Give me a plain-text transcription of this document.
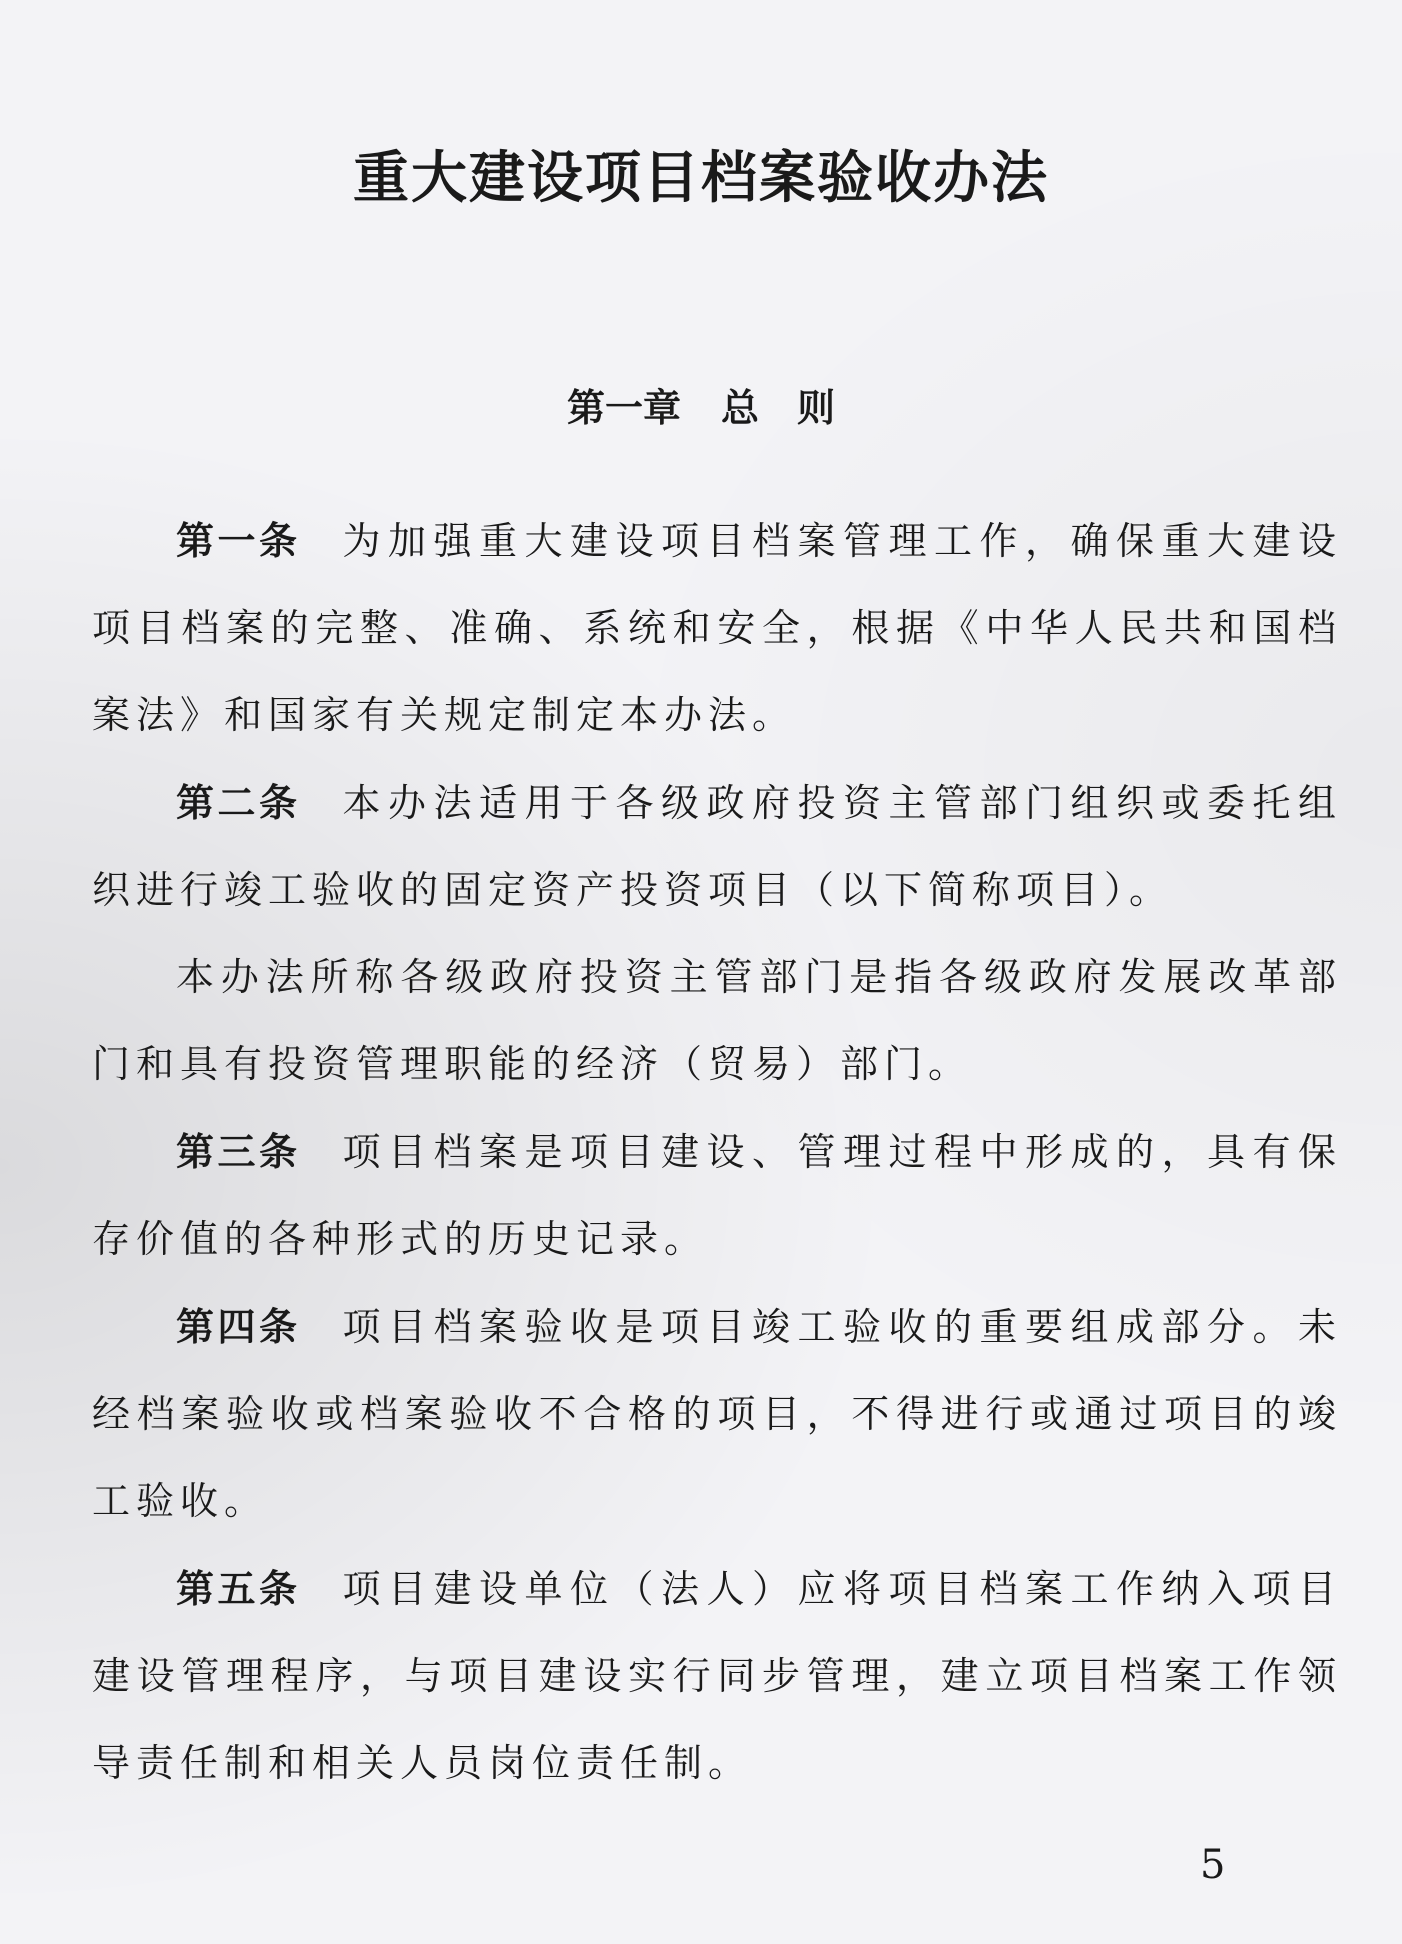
重大建设项目档案验收办法
第一章 总　则

第一条 为加强重大建设项目档案管理工作，确保重大建设项目档案的完整、准确、系统和安全，根据《中华人民共和国档案法》和国家有关规定制定本办法。

第二条 本办法适用于各级政府投资主管部门组织或委托组织进行竣工验收的固定资产投资项目（以下简称项目）。

本办法所称各级政府投资主管部门是指各级政府发展改革部门和具有投资管理职能的经济（贸易）部门。

第三条 项目档案是项目建设、管理过程中形成的，具有保存价值的各种形式的历史记录。

第四条 项目档案验收是项目竣工验收的重要组成部分。未经档案验收或档案验收不合格的项目，不得进行或通过项目的竣工验收。

第五条 项目建设单位（法人）应将项目档案工作纳入项目建设管理程序，与项目建设实行同步管理，建立项目档案工作领导责任制和相关人员岗位责任制。

5
